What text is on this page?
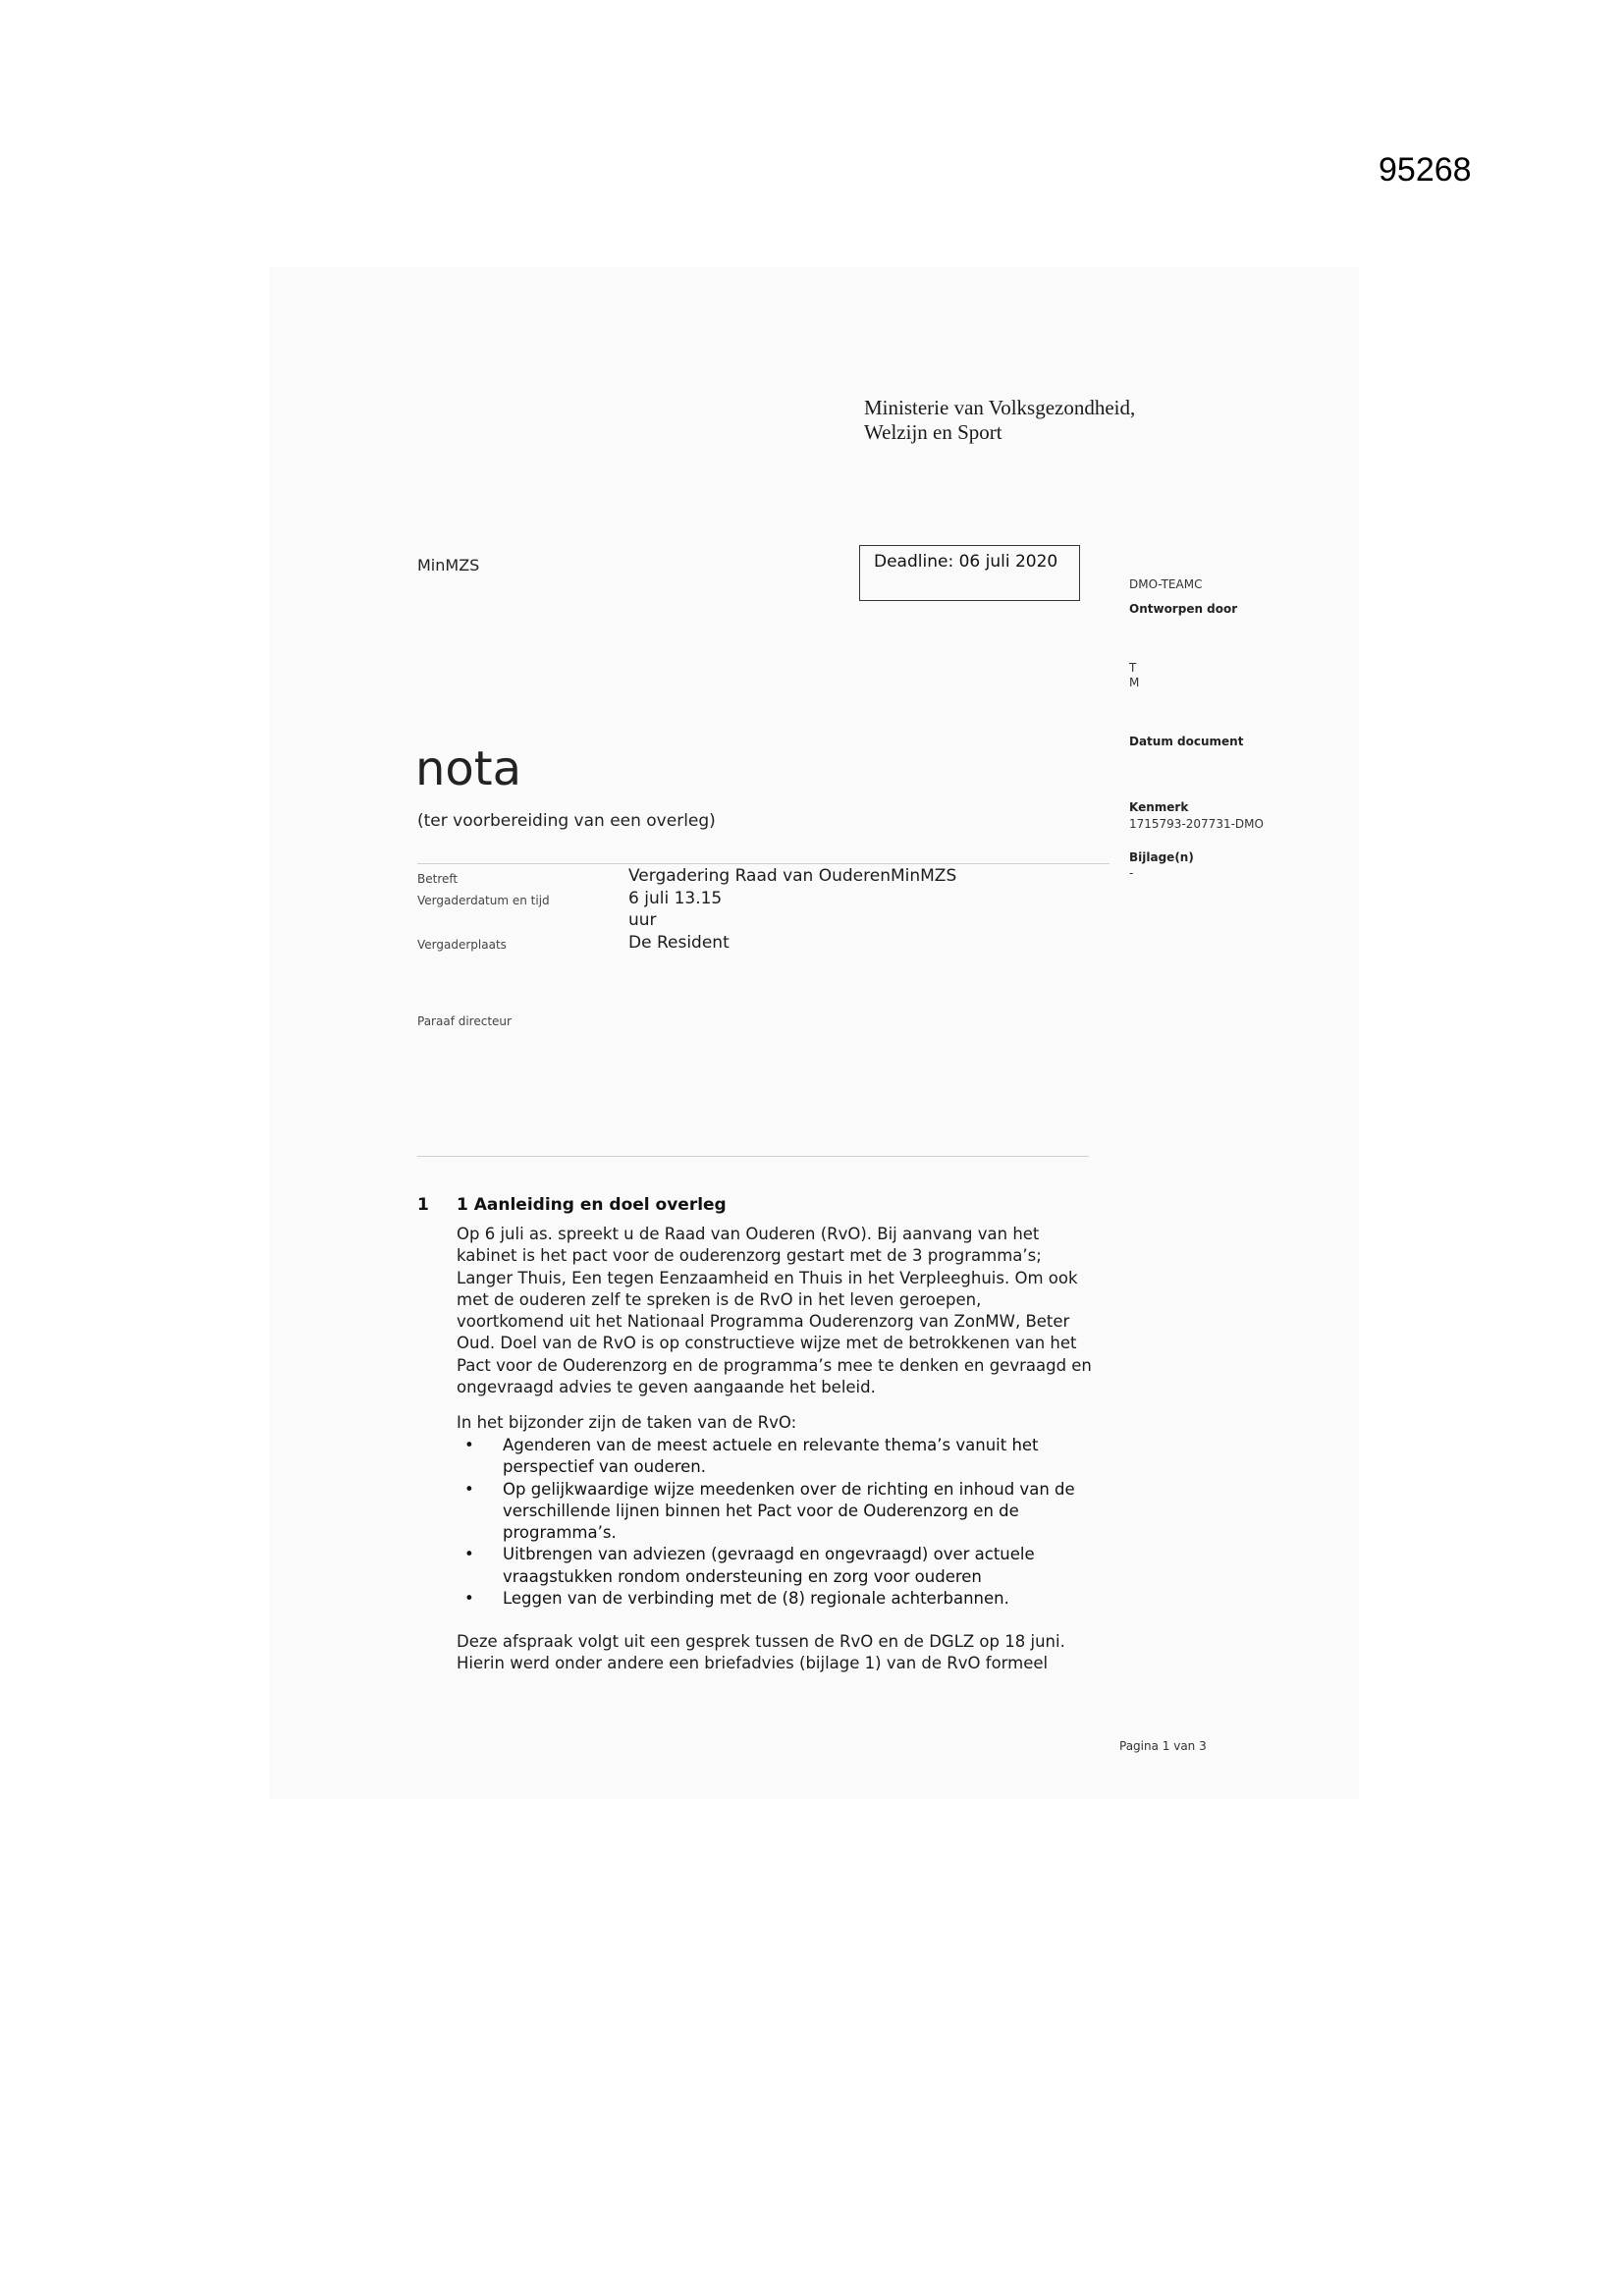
95268
Ministerie van Volksgezondheid,
Welzijn en Sport
MinMZS	Deadline: 06 juli 2020
DMO-TEAMC
Ontworpen door
T
M
Datum document
Kenmerk
1715793-207731-DMO
Bijlage(n)
-
nota
(ter voorbereiding van een overleg)
Betreft	Vergadering Raad van OuderenMinMZS
Vergaderdatum en tijd	6 juli 13.15
uur
Vergaderplaats	De Resident
Paraaf directeur
1 1 Aanleiding en doel overleg
Op 6 juli as. spreekt u de Raad van Ouderen (RvO). Bij aanvang van het
kabinet is het pact voor de ouderenzorg gestart met de 3 programma’s;
Langer Thuis, Een tegen Eenzaamheid en Thuis in het Verpleeghuis. Om ook
met de ouderen zelf te spreken is de RvO in het leven geroepen,
voortkomend uit het Nationaal Programma Ouderenzorg van ZonMW, Beter
Oud. Doel van de RvO is op constructieve wijze met de betrokkenen van het
Pact voor de Ouderenzorg en de programma’s mee te denken en gevraagd en
ongevraagd advies te geven aangaande het beleid.
In het bijzonder zijn de taken van de RvO:
• Agenderen van de meest actuele en relevante thema’s vanuit het
perspectief van ouderen.
• Op gelijkwaardige wijze meedenken over de richting en inhoud van de
verschillende lijnen binnen het Pact voor de Ouderenzorg en de
programma’s.
• Uitbrengen van adviezen (gevraagd en ongevraagd) over actuele
vraagstukken rondom ondersteuning en zorg voor ouderen
• Leggen van de verbinding met de (8) regionale achterbannen.
Deze afspraak volgt uit een gesprek tussen de RvO en de DGLZ op 18 juni.
Hierin werd onder andere een briefadvies (bijlage 1) van de RvO formeel
Pagina 1 van 3
